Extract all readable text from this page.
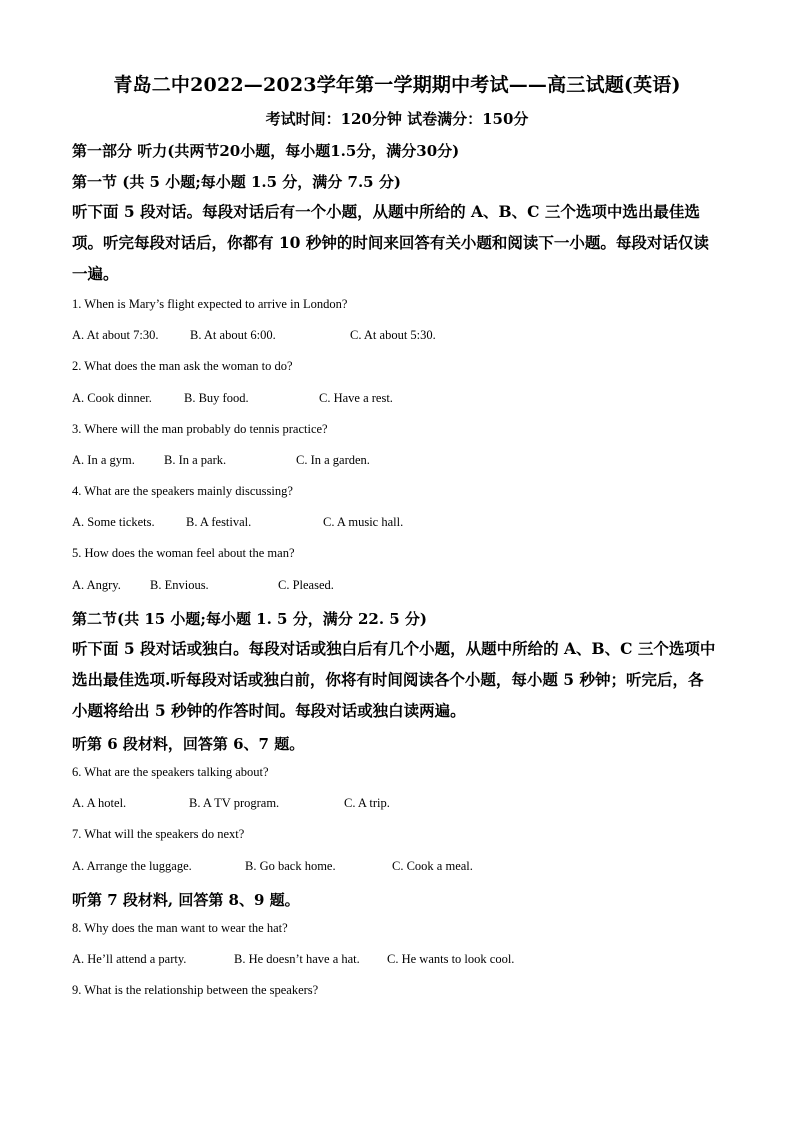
青岛二中2022—2023学年第一学期期中考试——高三试题(英语)
考试时间：120分钟 试卷满分：150分
第一部分 听力(共两节20小题，每小题1.5分，满分30分)
第一节 (共 5 小题;每小题 1.5 分，满分 7.5 分)
听下面 5 段对话。每段对话后有一个小题，从题中所给的 A、B、C 三个选项中选出最佳选
项。听完每段对话后，你都有 10 秒钟的时间来回答有关小题和阅读下一小题。每段对话仅读
一遍。
1. When is Mary’s flight expected to arrive in London?
A. At about 7:30.	B. At about 6:00.	C. At about 5:30.
2. What does the man ask the woman to do?
A. Cook dinner.	B. Buy food.	C. Have a rest.
3. Where will the man probably do tennis practice?
A. In a gym. B. In a park.	C. In a garden.
4. What are the speakers mainly discussing?
A. Some tickets.	B. A festival.	C. A music hall.
5. How does the woman feel about the man?
A. Angry. B. Envious.	C. Pleased.
第二节(共 15 小题;每小题 1. 5 分，满分 22. 5 分)
听下面 5 段对话或独白。每段对话或独白后有几个小题，从题中所给的 A、B、C 三个选项中
选出最佳选项.听每段对话或独白前，你将有时间阅读各个小题，每小题 5 秒钟；听完后，各
小题将给出 5 秒钟的作答时间。每段对话或独白读两遍。
听第 6 段材料，回答第 6、7 题。
6. What are the speakers talking about?
A. A hotel.	B. A TV program.	C. A trip.
7. What will the speakers do next?
A. Arrange the luggage.	B. Go back home.	C. Cook a meal.
听第 7 段材料, 回答第 8、9 题。
8. Why does the man want to wear the hat?
A. He’ll attend a party.	B. He doesn’t have a hat. C. He wants to look cool.
9. What is the relationship between the speakers?
